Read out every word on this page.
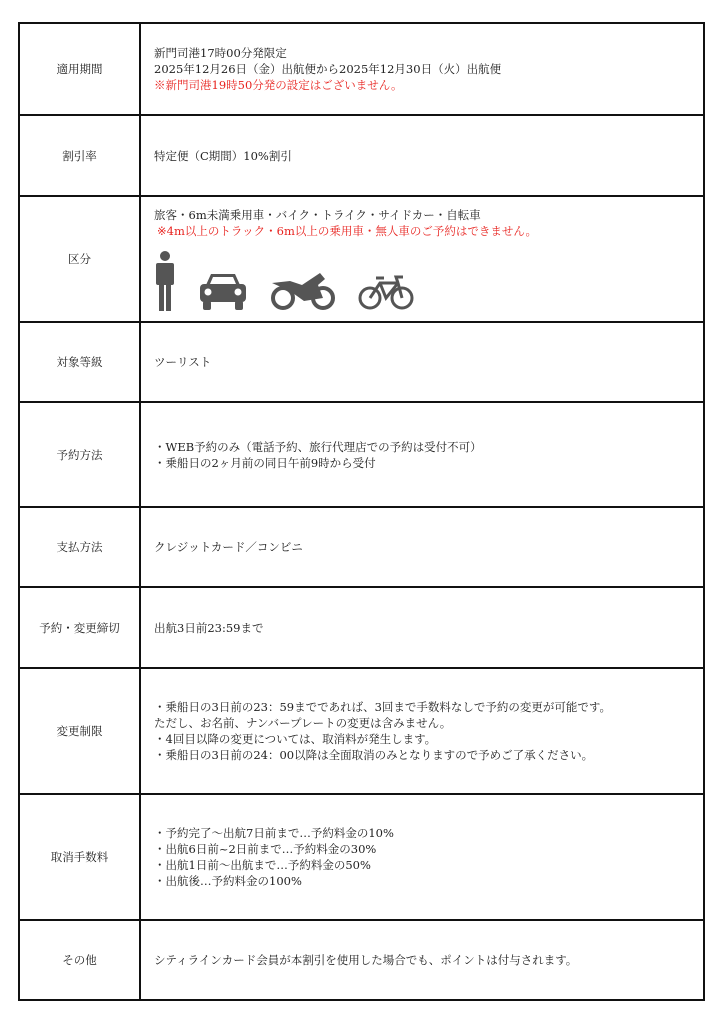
適用期間	新門司港17時00分発限定
2025年12月26日（金）出航便から2025年12月30日（火）出航便
※新門司港19時50分発の設定はございません。

割引率	特定便（C期間）10%割引
区分	旅客・6m未満乗用車・バイク・トライク・サイドカー・自転車
※4m以上のトラック・6m以上の乗用車・無人車のご予約はできません。

対象等級	ツーリスト
予約方法	・WEB予約のみ（電話予約、旅行代理店での予約は受付不可）
・乗船日の2ヶ月前の同日午前9時から受付

支払方法	クレジットカード／コンビニ
予約・変更締切	出航3日前23:59まで
変更制限	・乗船日の3日前の23：59までであれば、3回まで手数料なしで予約の変更が可能です。
ただし、お名前、ナンバープレートの変更は含みません。
・4回目以降の変更については、取消料が発生します。
・乗船日の3日前の24：00以降は全面取消のみとなりますので予めご了承ください。

取消手数料	・予約完了～出航7日前まで…予約料金の10%
・出航6日前~2日前まで…予約料金の30%
・出航1日前～出航まで…予約料金の50%
・出航後…予約料金の100%

その他	シティラインカード会員が本割引を使用した場合でも、ポイントは付与されます。
